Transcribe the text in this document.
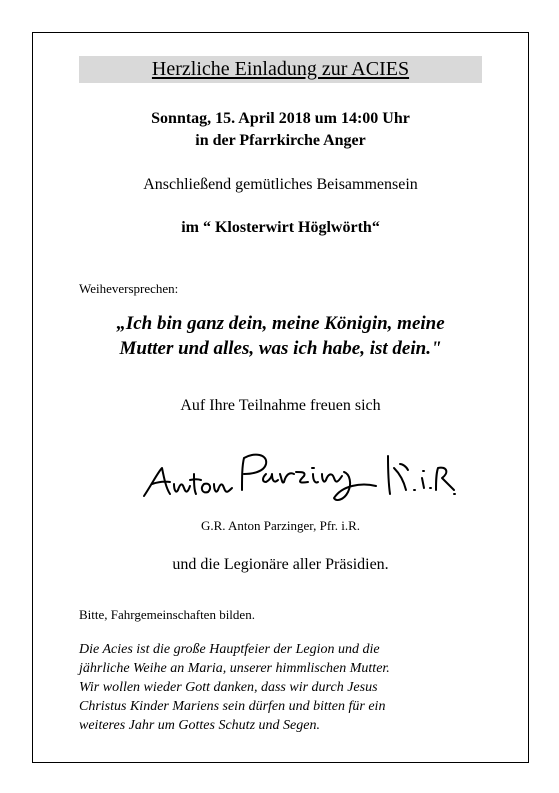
Herzliche Einladung zur ACIES
Sonntag, 15. April 2018 um 14:00 Uhr
in der Pfarrkirche Anger
Anschließend gemütliches Beisammensein
im “ Klosterwirt Höglwörth“
Weiheversprechen:
„Ich bin ganz dein, meine Königin, meine
Mutter und alles, was ich habe, ist dein."
Auf Ihre Teilnahme freuen sich
G.R. Anton Parzinger, Pfr. i.R.
und die Legionäre aller Präsidien.
Bitte, Fahrgemeinschaften bilden.
Die Acies ist die große Hauptfeier der Legion und die
jährliche Weihe an Maria, unserer himmlischen Mutter.
Wir wollen wieder Gott danken, dass wir durch Jesus
Christus Kinder Mariens sein dürfen und bitten für ein
weiteres Jahr um Gottes Schutz und Segen.
